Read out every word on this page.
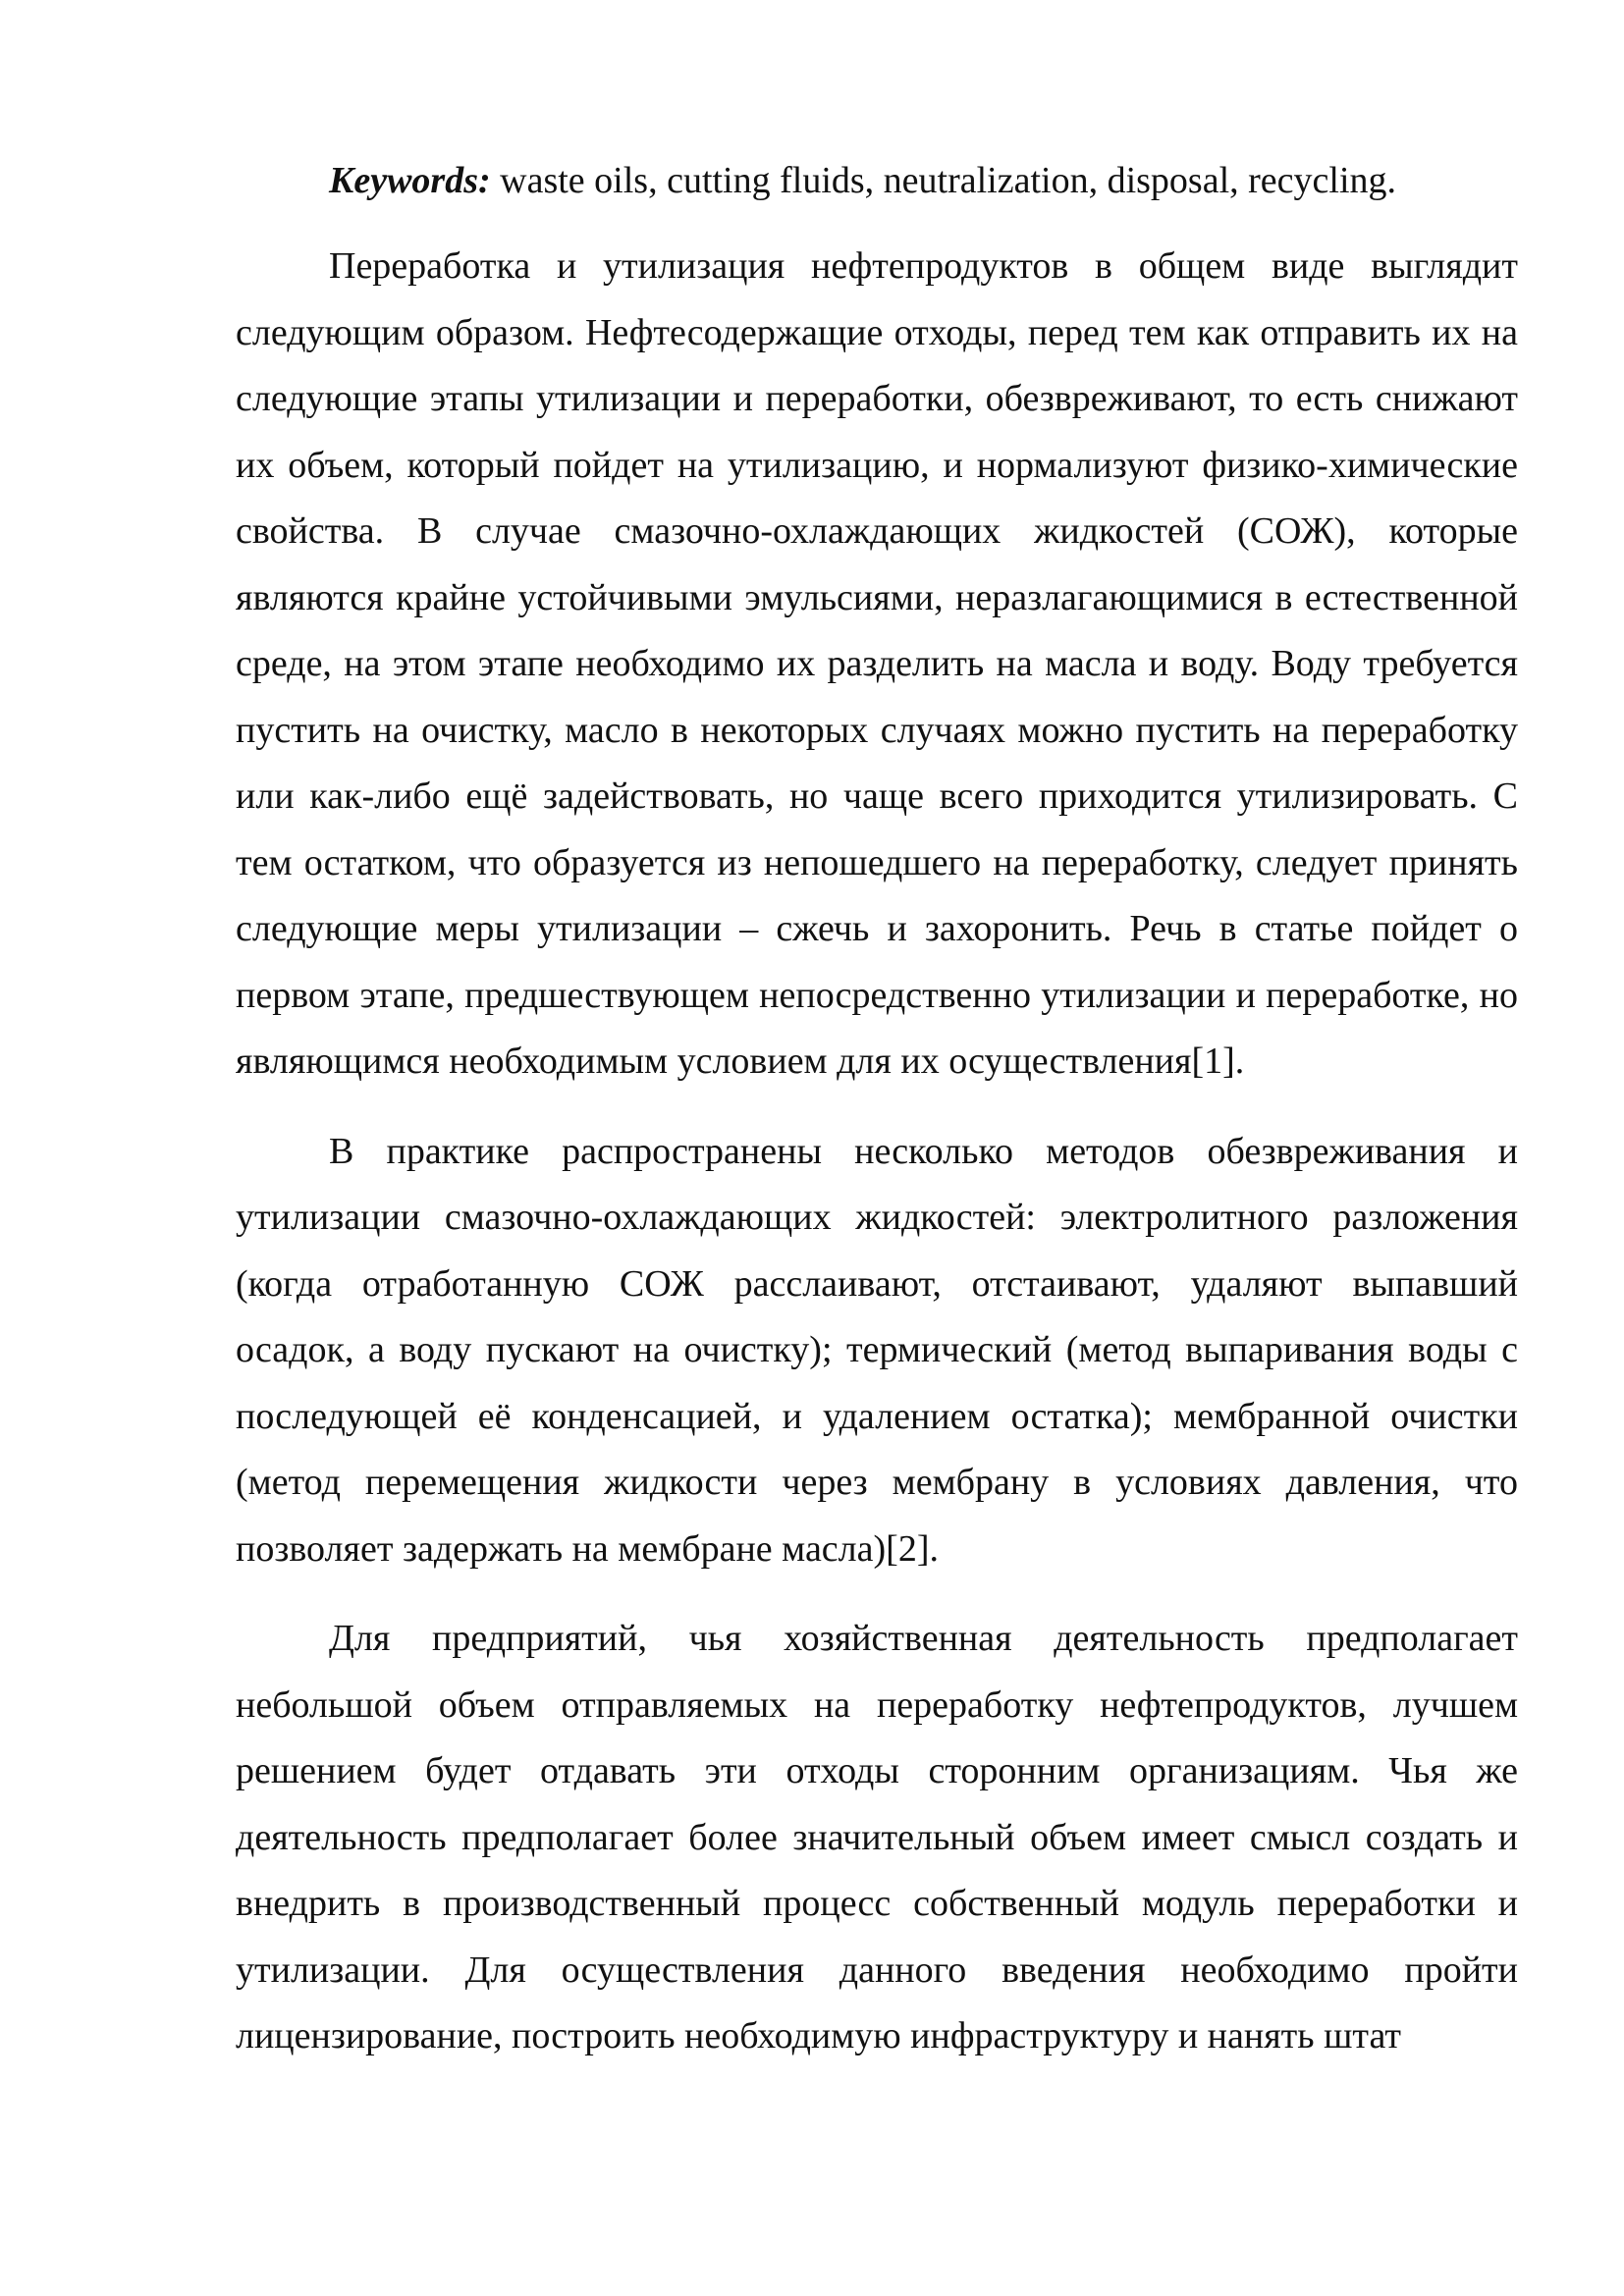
Keywords: waste oils, cutting fluids, neutralization, disposal, recycling.

Переработка и утилизация нефтепродуктов в общем виде выглядит следующим образом. Нефтесодержащие отходы, перед тем как отправить их на следующие этапы утилизации и переработки, обезвреживают, то есть снижают их объем, который пойдет на утилизацию, и нормализуют физико-химические свойства. В случае смазочно-охлаждающих жидкостей (СОЖ), которые являются крайне устойчивыми эмульсиями, неразлагающимися в естественной среде, на этом этапе необходимо их разделить на масла и воду. Воду требуется пустить на очистку, масло в некоторых случаях можно пустить на переработку или как-либо ещё задействовать, но чаще всего приходится утилизировать. С тем остатком, что образуется из непошедшего на переработку, следует принять следующие меры утилизации – сжечь и захоронить. Речь в статье пойдет о первом этапе, предшествующем непосредственно утилизации и переработке, но являющимся необходимым условием для их осуществления[1].

В практике распространены несколько методов обезвреживания и утилизации смазочно-охлаждающих жидкостей: электролитного разложения (когда отработанную СОЖ расслаивают, отстаивают, удаляют выпавший осадок, а воду пускают на очистку); термический (метод выпаривания воды с последующей её конденсацией, и удалением остатка); мембранной очистки (метод перемещения жидкости через мембрану в условиях давления, что позволяет задержать на мембране масла)[2].

Для предприятий, чья хозяйственная деятельность предполагает небольшой объем отправляемых на переработку нефтепродуктов, лучшем решением будет отдавать эти отходы сторонним организациям. Чья же деятельность предполагает более значительный объем имеет смысл создать и внедрить в производственный процесс собственный модуль переработки и утилизации. Для осуществления данного введения необходимо пройти лицензирование, построить необходимую инфраструктуру и нанять штат
